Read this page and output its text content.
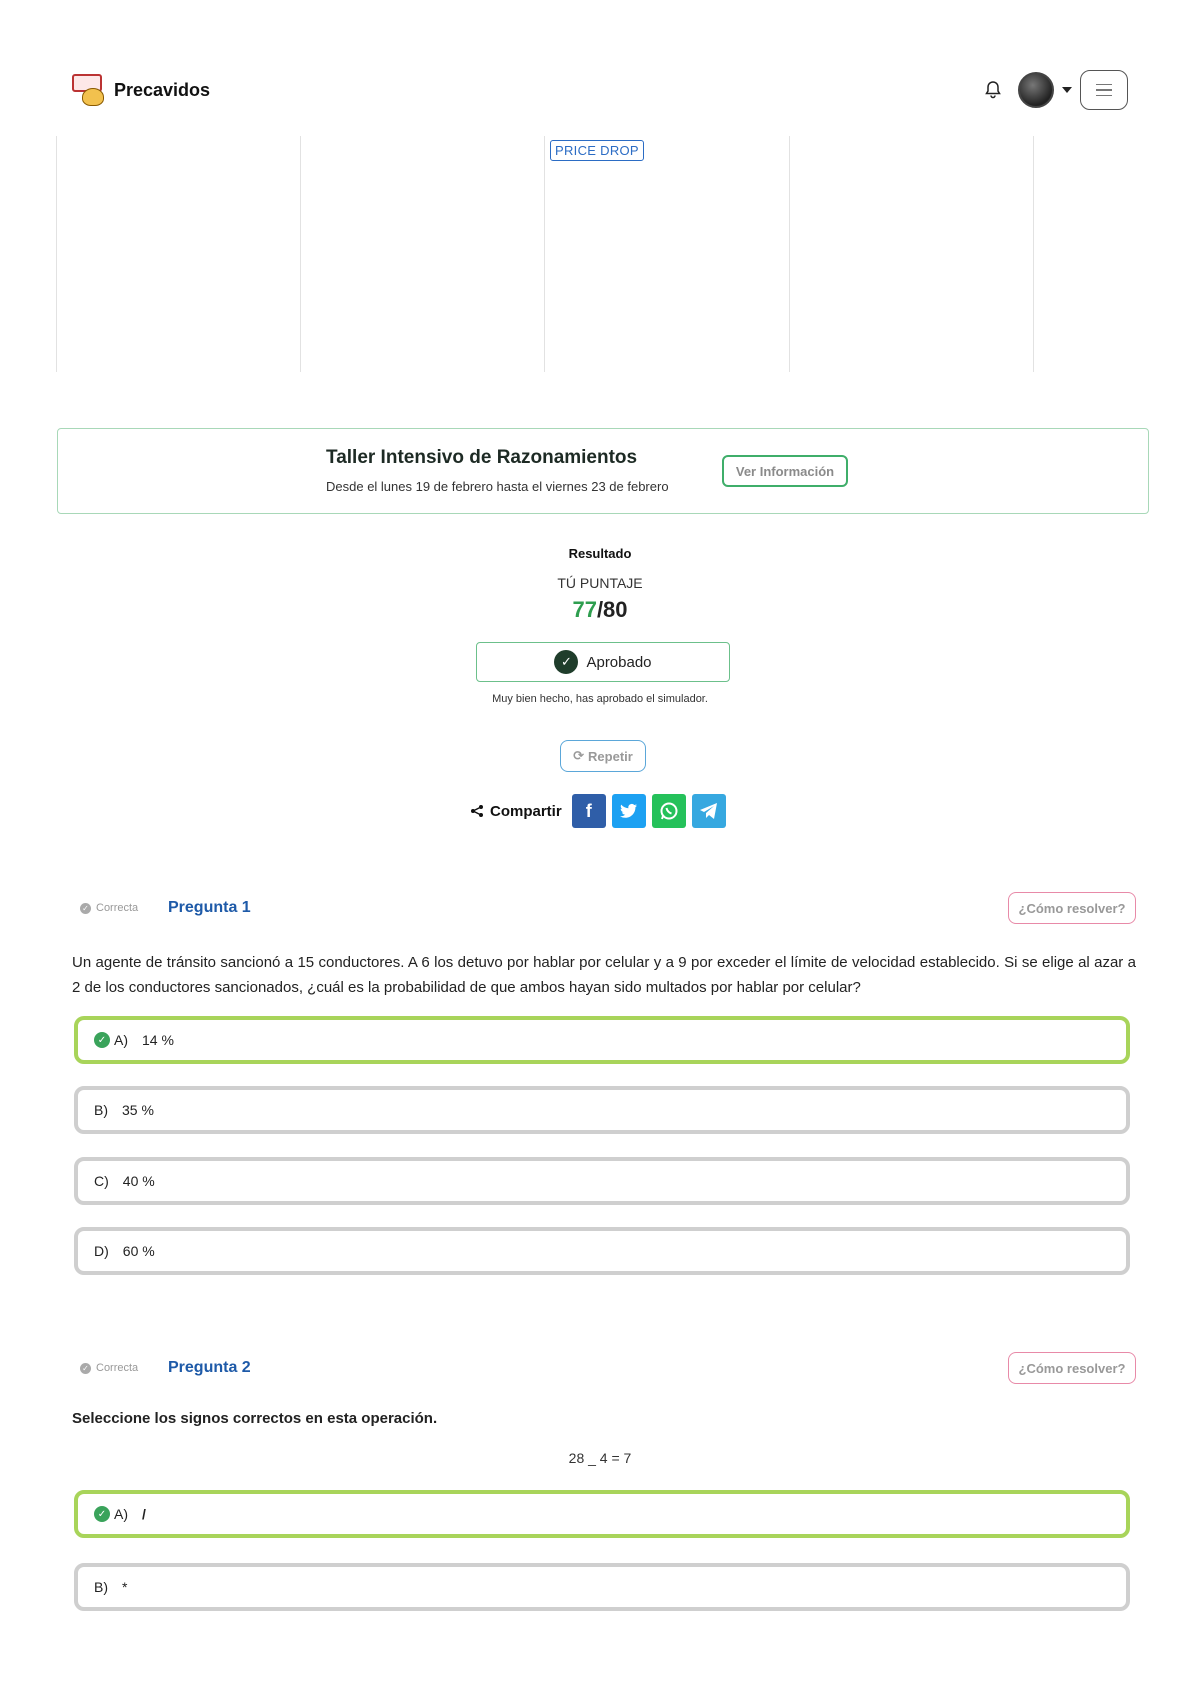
Precavidos
PRICE DROP
Taller Intensivo de Razonamientos
Desde el lunes 19 de febrero hasta el viernes 23 de febrero
Ver Información
Resultado
TÚ PUNTAJE
77/80
✓ Aprobado
Muy bien hecho, has aprobado el simulador.
⟳ Repetir
Compartir f
✓ Correcta Pregunta 1	¿Cómo resolver?
Un agente de tránsito sancionó a 15 conductores. A 6 los detuvo por hablar por celular y a 9 por exceder el límite de velocidad establecido. Si se elige al azar a 2 de los conductores sancionados, ¿cuál es la probabilidad de que ambos hayan sido multados por hablar por celular?
✓ A) 14 %
B) 35 %
C) 40 %
D) 60 %
✓ Correcta Pregunta 2	¿Cómo resolver?
Seleccione los signos correctos en esta operación.
28 _ 4 = 7
✓ A) /
B) *
